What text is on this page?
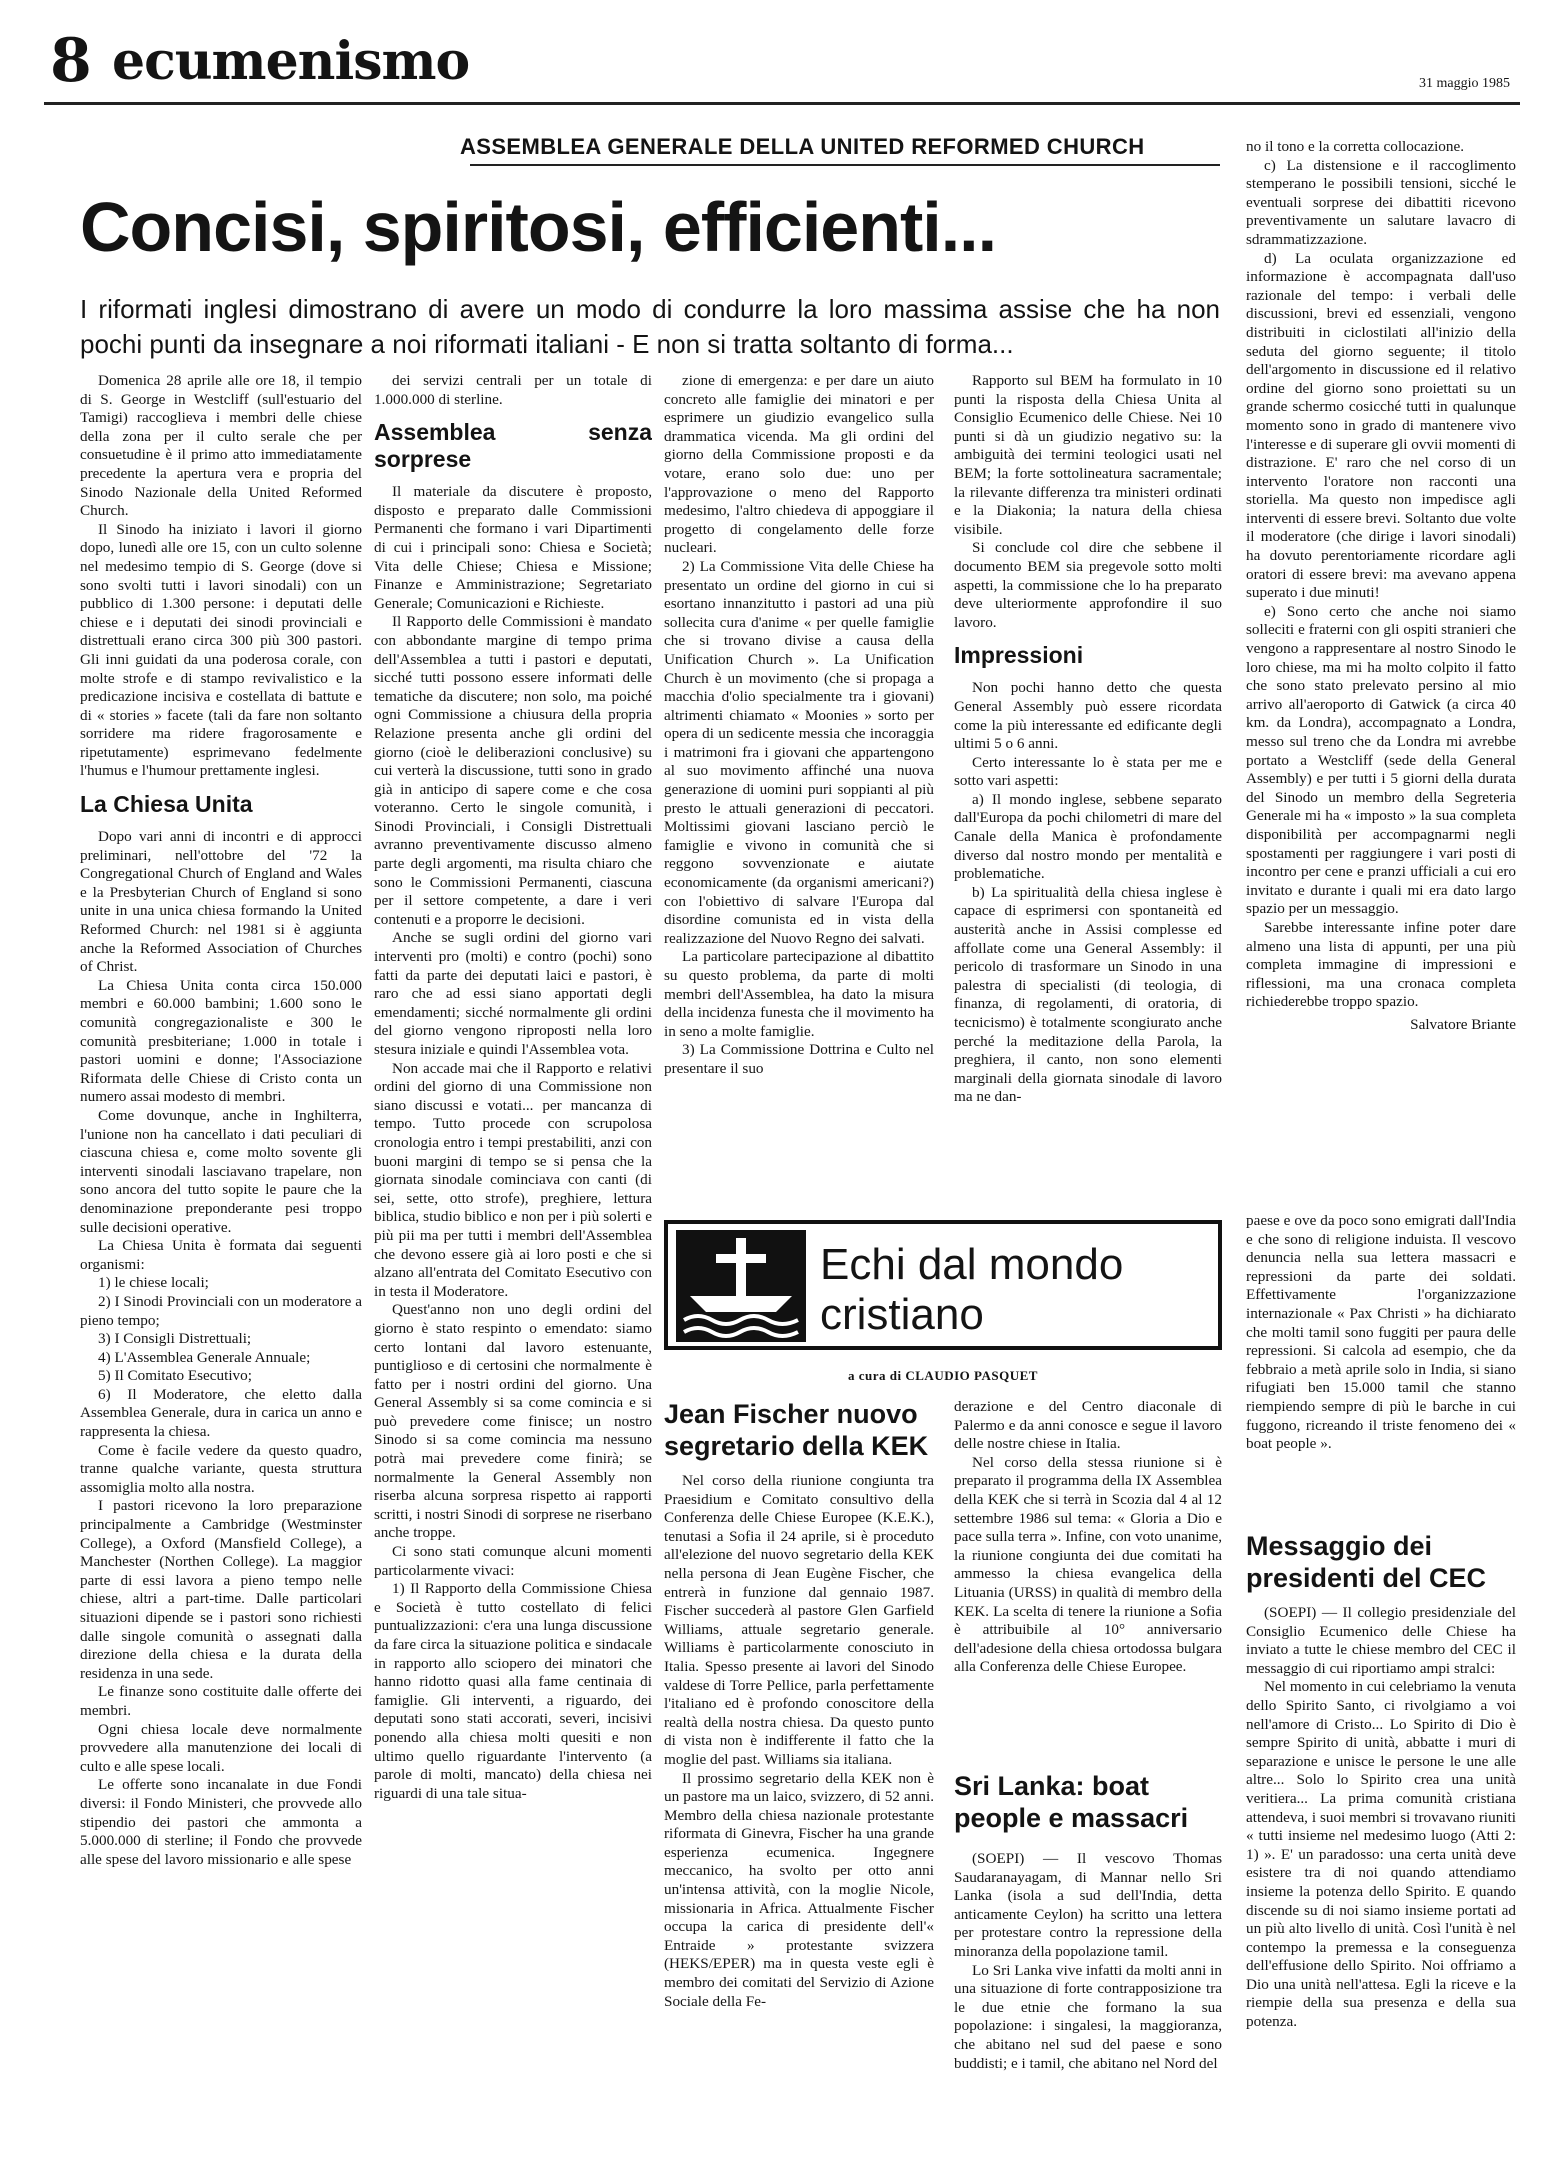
8 ecumenismo	31 maggio 1985
ASSEMBLEA GENERALE DELLA UNITED REFORMED CHURCH
Concisi, spiritosi, efficienti...
I riformati inglesi dimostrano di avere un modo di condurre la loro massima assise che ha non pochi punti da insegnare a noi riformati italiani - E non si tratta soltanto di forma...

Domenica 28 aprile alle ore 18, il tempio di S. George in Westcliff (sull'estuario del Tamigi) raccoglieva i membri delle chiese della zona per il culto serale che per consuetudine è il primo atto immediatamente precedente la apertura vera e propria del Sinodo Nazionale della United Reformed Church.

Il Sinodo ha iniziato i lavori il giorno dopo, lunedì alle ore 15, con un culto solenne nel medesimo tempio di S. George (dove si sono svolti tutti i lavori sinodali) con un pubblico di 1.300 persone: i deputati delle chiese e i deputati dei sinodi provinciali e distrettuali erano circa 300 più 300 pastori. Gli inni guidati da una poderosa corale, con molte strofe e di stampo revivalistico e la predicazione incisiva e costellata di battute e di « stories » facete (tali da fare non soltanto sorridere ma ridere fragorosamente e ripetutamente) esprimevano fedelmente l'humus e l'humour prettamente inglesi.

La Chiesa Unita

Dopo vari anni di incontri e di approcci preliminari, nell'ottobre del '72 la Congregational Church of England and Wales e la Presbyterian Church of England si sono unite in una unica chiesa formando la United Reformed Church: nel 1981 si è aggiunta anche la Reformed Association of Churches of Christ.

La Chiesa Unita conta circa 150.000 membri e 60.000 bambini; 1.600 sono le comunità congregazionaliste e 300 le comunità presbiteriane; 1.000 in totale i pastori uomini e donne; l'Associazione Riformata delle Chiese di Cristo conta un numero assai modesto di membri.

Come dovunque, anche in Inghilterra, l'unione non ha cancellato i dati peculiari di ciascuna chiesa e, come molto sovente gli interventi sinodali lasciavano trapelare, non sono ancora del tutto sopite le paure che la denominazione preponderante pesi troppo sulle decisioni operative.

La Chiesa Unita è formata dai seguenti organismi:

1) le chiese locali;

2) I Sinodi Provinciali con un moderatore a pieno tempo;

3) I Consigli Distrettuali;

4) L'Assemblea Generale Annuale;

5) Il Comitato Esecutivo;

6) Il Moderatore, che eletto dalla Assemblea Generale, dura in carica un anno e rappresenta la chiesa.

Come è facile vedere da questo quadro, tranne qualche variante, questa struttura assomiglia molto alla nostra.

I pastori ricevono la loro preparazione principalmente a Cambridge (Westminster College), a Oxford (Mansfield College), a Manchester (Northen College). La maggior parte di essi lavora a pieno tempo nelle chiese, altri a part-time. Dalle particolari situazioni dipende se i pastori sono richiesti dalle singole comunità o assegnati dalla direzione della chiesa e la durata della residenza in una sede.

Le finanze sono costituite dalle offerte dei membri.

Ogni chiesa locale deve normalmente provvedere alla manutenzione dei locali di culto e alle spese locali.

Le offerte sono incanalate in due Fondi diversi: il Fondo Ministeri, che provvede allo stipendio dei pastori che ammonta a 5.000.000 di sterline; il Fondo che provvede alle spese del lavoro missionario e alle spese

dei servizi centrali per un totale di 1.000.000 di sterline.

Assemblea senza sorprese

Il materiale da discutere è proposto, disposto e preparato dalle Commissioni Permanenti che formano i vari Dipartimenti di cui i principali sono: Chiesa e Società; Vita delle Chiese; Chiesa e Missione; Finanze e Amministrazione; Segretariato Generale; Comunicazioni e Richieste.

Il Rapporto delle Commissioni è mandato con abbondante margine di tempo prima dell'Assemblea a tutti i pastori e deputati, sicché tutti possono essere informati delle tematiche da discutere; non solo, ma poiché ogni Commissione a chiusura della propria Relazione presenta anche gli ordini del giorno (cioè le deliberazioni conclusive) su cui verterà la discussione, tutti sono in grado già in anticipo di sapere come e che cosa voteranno. Certo le singole comunità, i Sinodi Provinciali, i Consigli Distrettuali avranno preventivamente discusso almeno parte degli argomenti, ma risulta chiaro che sono le Commissioni Permanenti, ciascuna per il settore competente, a dare i veri contenuti e a proporre le decisioni.

Anche se sugli ordini del giorno vari interventi pro (molti) e contro (pochi) sono fatti da parte dei deputati laici e pastori, è raro che ad essi siano apportati degli emendamenti; sicché normalmente gli ordini del giorno vengono riproposti nella loro stesura iniziale e quindi l'Assemblea vota.

Non accade mai che il Rapporto e relativi ordini del giorno di una Commissione non siano discussi e votati... per mancanza di tempo. Tutto procede con scrupolosa cronologia entro i tempi prestabiliti, anzi con buoni margini di tempo se si pensa che la giornata sinodale cominciava con canti (di sei, sette, otto strofe), preghiere, lettura biblica, studio biblico e non per i più solerti e più pii ma per tutti i membri dell'Assemblea che devono essere già ai loro posti e che si alzano all'entrata del Comitato Esecutivo con in testa il Moderatore.

Quest'anno non uno degli ordini del giorno è stato respinto o emendato: siamo certo lontani dal lavoro estenuante, puntiglioso e di certosini che normalmente è fatto per i nostri ordini del giorno. Una General Assembly si sa come comincia e si può prevedere come finisce; un nostro Sinodo si sa come comincia ma nessuno potrà mai prevedere come finirà; se normalmente la General Assembly non riserba alcuna sorpresa rispetto ai rapporti scritti, i nostri Sinodi di sorprese ne riserbano anche troppe.

Ci sono stati comunque alcuni momenti particolarmente vivaci:

1) Il Rapporto della Commissione Chiesa e Società è tutto costellato di felici puntualizzazioni: c'era una lunga discussione da fare circa la situazione politica e sindacale in rapporto allo sciopero dei minatori che hanno ridotto quasi alla fame centinaia di famiglie. Gli interventi, a riguardo, dei deputati sono stati accorati, severi, incisivi ponendo alla chiesa molti quesiti e non ultimo quello riguardante l'intervento (a parole di molti, mancato) della chiesa nei riguardi di una tale situa-

zione di emergenza: e per dare un aiuto concreto alle famiglie dei minatori e per esprimere un giudizio evangelico sulla drammatica vicenda. Ma gli ordini del giorno della Commissione proposti e da votare, erano solo due: uno per l'approvazione o meno del Rapporto medesimo, l'altro chiedeva di appoggiare il progetto di congelamento delle forze nucleari.

2) La Commissione Vita delle Chiese ha presentato un ordine del giorno in cui si esortano innanzitutto i pastori ad una più sollecita cura d'anime « per quelle famiglie che si trovano divise a causa della Unification Church ». La Unification Church è un movimento (che si propaga a macchia d'olio specialmente tra i giovani) altrimenti chiamato « Moonies » sorto per opera di un sedicente messia che incoraggia i matrimoni fra i giovani che appartengono al suo movimento affinché una nuova generazione di uomini puri soppianti al più presto le attuali generazioni di peccatori. Moltissimi giovani lasciano perciò le famiglie e vivono in comunità che si reggono sovvenzionate e aiutate economicamente (da organismi americani?) con l'obiettivo di salvare l'Europa dal disordine comunista ed in vista della realizzazione del Nuovo Regno dei salvati.

La particolare partecipazione al dibattito su questo problema, da parte di molti membri dell'Assemblea, ha dato la misura della incidenza funesta che il movimento ha in seno a molte famiglie.

3) La Commissione Dottrina e Culto nel presentare il suo

Rapporto sul BEM ha formulato in 10 punti la risposta della Chiesa Unita al Consiglio Ecumenico delle Chiese. Nei 10 punti si dà un giudizio negativo su: la ambiguità dei termini teologici usati nel BEM; la forte sottolineatura sacramentale; la rilevante differenza tra ministeri ordinati e la Diakonia; la natura della chiesa visibile.

Si conclude col dire che sebbene il documento BEM sia pregevole sotto molti aspetti, la commissione che lo ha preparato deve ulteriormente approfondire il suo lavoro.

Impressioni

Non pochi hanno detto che questa General Assembly può essere ricordata come la più interessante ed edificante degli ultimi 5 o 6 anni.

Certo interessante lo è stata per me e sotto vari aspetti:

a) Il mondo inglese, sebbene separato dall'Europa da pochi chilometri di mare del Canale della Manica è profondamente diverso dal nostro mondo per mentalità e problematiche.

b) La spiritualità della chiesa inglese è capace di esprimersi con spontaneità ed austerità anche in Assisi complesse ed affollate come una General Assembly: il pericolo di trasformare un Sinodo in una palestra di specialisti (di teologia, di finanza, di regolamenti, di oratoria, di tecnicismo) è totalmente scongiurato anche perché la meditazione della Parola, la preghiera, il canto, non sono elementi marginali della giornata sinodale di lavoro ma ne dan-

no il tono e la corretta collocazione.

c) La distensione e il raccoglimento stemperano le possibili tensioni, sicché le eventuali sorprese dei dibattiti ricevono preventivamente un salutare lavacro di sdrammatizzazione.

d) La oculata organizzazione ed informazione è accompagnata dall'uso razionale del tempo: i verbali delle discussioni, brevi ed essenziali, vengono distribuiti in ciclostilati all'inizio della seduta del giorno seguente; il titolo dell'argomento in discussione ed il relativo ordine del giorno sono proiettati su un grande schermo cosicché tutti in qualunque momento sono in grado di mantenere vivo l'interesse e di superare gli ovvii momenti di distrazione. E' raro che nel corso di un intervento l'oratore non racconti una storiella. Ma questo non impedisce agli interventi di essere brevi. Soltanto due volte il moderatore (che dirige i lavori sinodali) ha dovuto perentoriamente ricordare agli oratori di essere brevi: ma avevano appena superato i due minuti!

e) Sono certo che anche noi siamo solleciti e fraterni con gli ospiti stranieri che vengono a rappresentare al nostro Sinodo le loro chiese, ma mi ha molto colpito il fatto che sono stato prelevato persino al mio arrivo all'aeroporto di Gatwick (a circa 40 km. da Londra), accompagnato a Londra, messo sul treno che da Londra mi avrebbe portato a Westcliff (sede della General Assembly) e per tutti i 5 giorni della durata del Sinodo un membro della Segreteria Generale mi ha « imposto » la sua completa disponibilità per accompagnarmi negli spostamenti per raggiungere i vari posti di incontro per cene e pranzi ufficiali a cui ero invitato e durante i quali mi era dato largo spazio per un messaggio.

Sarebbe interessante infine poter dare almeno una lista di appunti, per una più completa immagine di impressioni e riflessioni, ma una cronaca completa richiederebbe troppo spazio.

Salvatore Briante

Echi dal mondo
cristiano
a cura di CLAUDIO PASQUET
Jean Fischer nuovo segretario della KEK

Nel corso della riunione congiunta tra Praesidium e Comitato consultivo della Conferenza delle Chiese Europee (K.E.K.), tenutasi a Sofia il 24 aprile, si è proceduto all'elezione del nuovo segretario della KEK nella persona di Jean Eugène Fischer, che entrerà in funzione dal gennaio 1987. Fischer succederà al pastore Glen Garfield Williams, attuale segretario generale. Williams è particolarmente conosciuto in Italia. Spesso presente ai lavori del Sinodo valdese di Torre Pellice, parla perfettamente l'italiano ed è profondo conoscitore della realtà della nostra chiesa. Da questo punto di vista non è indifferente il fatto che la moglie del past. Williams sia italiana.

Il prossimo segretario della KEK non è un pastore ma un laico, svizzero, di 52 anni. Membro della chiesa nazionale protestante riformata di Ginevra, Fischer ha una grande esperienza ecumenica. Ingegnere meccanico, ha svolto per otto anni un'intensa attività, con la moglie Nicole, missionaria in Africa. Attualmente Fischer occupa la carica di presidente dell'« Entraide » protestante svizzera (HEKS/EPER) ma in questa veste egli è membro dei comitati del Servizio di Azione Sociale della Fe-

derazione e del Centro diaconale di Palermo e da anni conosce e segue il lavoro delle nostre chiese in Italia.

Nel corso della stessa riunione si è preparato il programma della IX Assemblea della KEK che si terrà in Scozia dal 4 al 12 settembre 1986 sul tema: « Gloria a Dio e pace sulla terra ». Infine, con voto unanime, la riunione congiunta dei due comitati ha ammesso la chiesa evangelica della Lituania (URSS) in qualità di membro della KEK. La scelta di tenere la riunione a Sofia è attribuibile al 10° anniversario dell'adesione della chiesa ortodossa bulgara alla Conferenza delle Chiese Europee.

Sri Lanka: boat people e massacri

(SOEPI) — Il vescovo Thomas Saudaranayagam, di Mannar nello Sri Lanka (isola a sud dell'India, detta anticamente Ceylon) ha scritto una lettera per protestare contro la repressione della minoranza della popolazione tamil.

Lo Sri Lanka vive infatti da molti anni in una situazione di forte contrapposizione tra le due etnie che formano la sua popolazione: i singalesi, la maggioranza, che abitano nel sud del paese e sono buddisti; e i tamil, che abitano nel Nord del

paese e ove da poco sono emigrati dall'India e che sono di religione induista. Il vescovo denuncia nella sua lettera massacri e repressioni da parte dei soldati. Effettivamente l'organizzazione internazionale « Pax Christi » ha dichiarato che molti tamil sono fuggiti per paura delle repressioni. Si calcola ad esempio, che da febbraio a metà aprile solo in India, si siano rifugiati ben 15.000 tamil che stanno riempiendo sempre di più le barche in cui fuggono, ricreando il triste fenomeno dei « boat people ».

Messaggio dei presidenti del CEC

(SOEPI) — Il collegio presidenziale del Consiglio Ecumenico delle Chiese ha inviato a tutte le chiese membro del CEC il messaggio di cui riportiamo ampi stralci:

Nel momento in cui celebriamo la venuta dello Spirito Santo, ci rivolgiamo a voi nell'amore di Cristo... Lo Spirito di Dio è sempre Spirito di unità, abbatte i muri di separazione e unisce le persone le une alle altre... Solo lo Spirito crea una unità veritiera... La prima comunità cristiana attendeva, i suoi membri si trovavano riuniti « tutti insieme nel medesimo luogo (Atti 2: 1) ». E' un paradosso: una certa unità deve esistere tra di noi quando attendiamo insieme la potenza dello Spirito. E quando discende su di noi siamo insieme portati ad un più alto livello di unità. Così l'unità è nel contempo la premessa e la conseguenza dell'effusione dello Spirito. Noi offriamo a Dio una unità nell'attesa. Egli la riceve e la riempie della sua presenza e della sua potenza.
